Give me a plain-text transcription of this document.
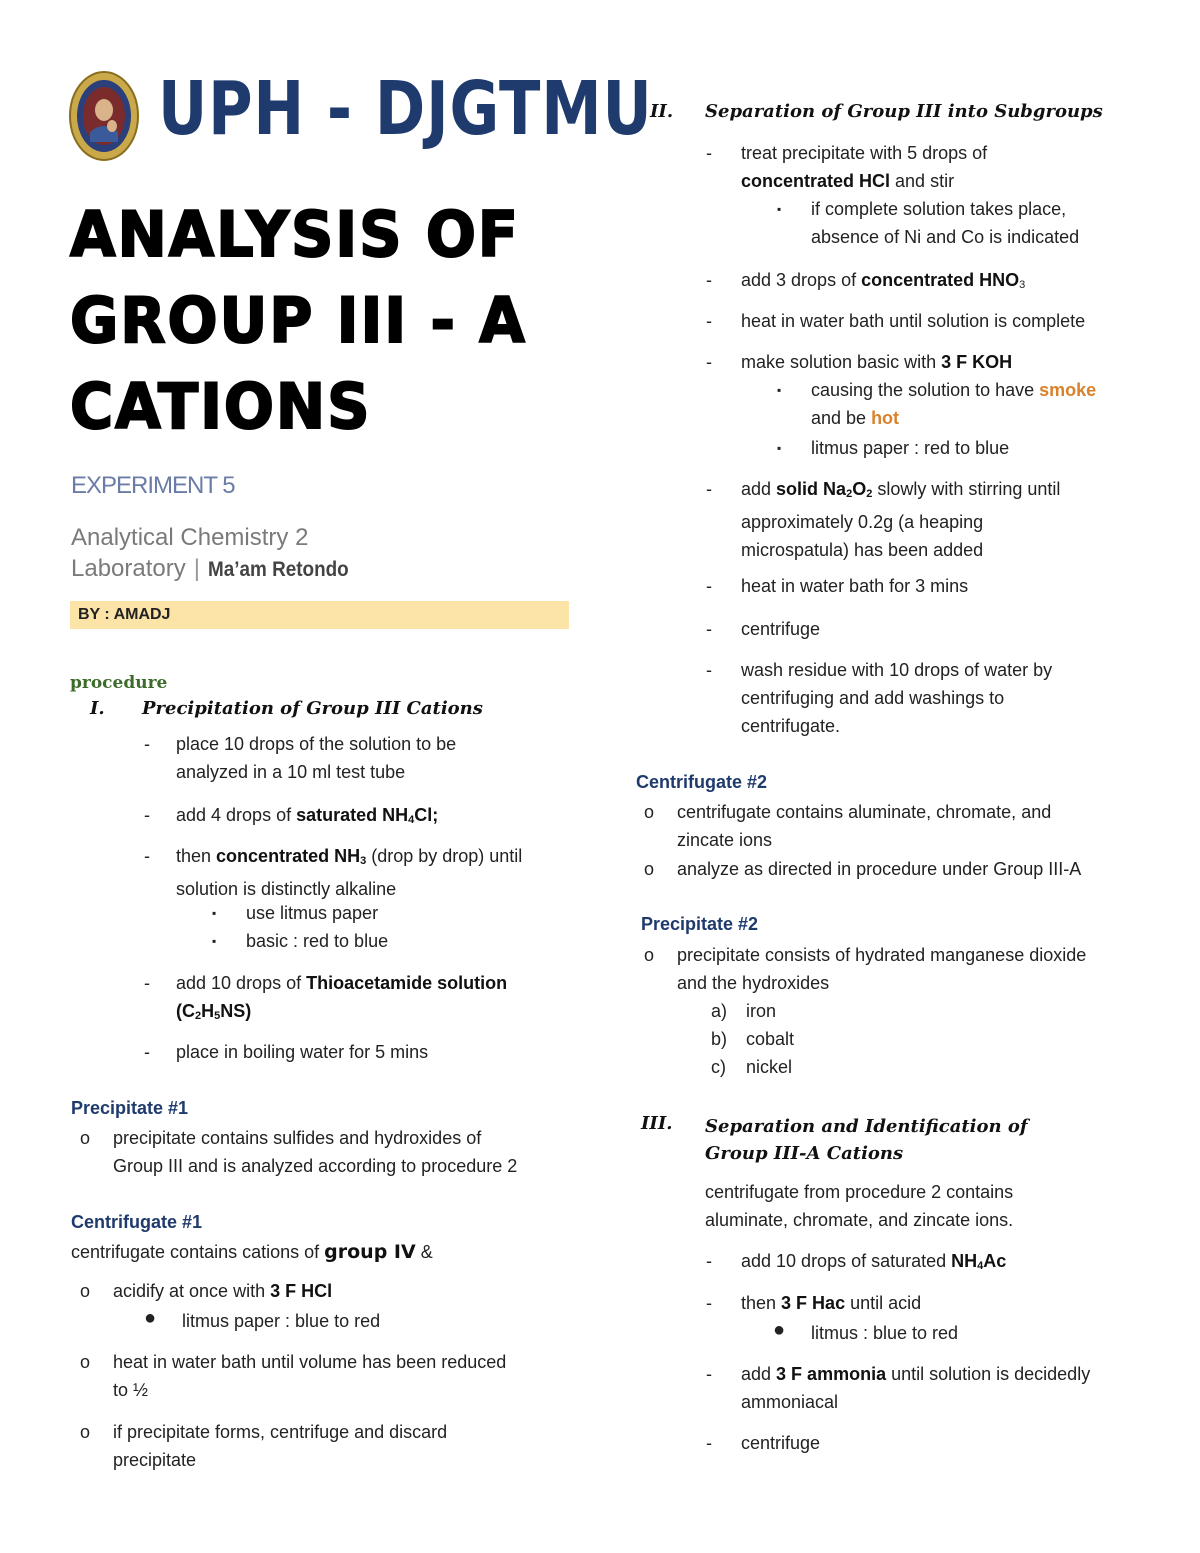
UPH - DJGTMU
ANALYSIS OF
GROUP III - A
CATIONS
EXPERIMENT 5
Analytical Chemistry 2
Laboratory | Ma’am Retondo
BY : AMADJ
procedure
I. Precipitation of Group III Cations
- place 10 drops of the solution to be
analyzed in a 10 ml test tube
- add 4 drops of saturated $NH_4Cl$;
- then concentrated $NH_3$ (drop by drop) until
solution is distinctly alkaline
▪ use litmus paper
▪ basic : red to blue
- add 10 drops of Thioacetamide solution
$(C_2H_5NS)$
- place in boiling water for 5 mins
Precipitate #1
o precipitate contains sulfides and hydroxides of
Group III and is analyzed according to procedure 2
Centrifugate #1
centrifugate contains cations of group IV &
o acidify at once with 3 F HCl
● litmus paper : blue to red
o heat in water bath until volume has been reduced
to ½
o if precipitate forms, centrifuge and discard
precipitate
II. Separation of Group III into Subgroups
- treat precipitate with 5 drops of
concentrated HCl and stir
▪ if complete solution takes place,
absence of Ni and Co is indicated
- add 3 drops of concentrated $HNO_3$
- heat in water bath until solution is complete
- make solution basic with 3 F KOH
▪ causing the solution to have smoke
and be hot
▪ litmus paper : red to blue
- add solid $Na_2O_2$ slowly with stirring until
approximately 0.2g (a heaping
microspatula) has been added
- heat in water bath for 3 mins
- centrifuge
- wash residue with 10 drops of water by
centrifuging and add washings to
centrifugate.
Centrifugate #2
o centrifugate contains aluminate, chromate, and
zincate ions
o analyze as directed in procedure under Group III-A
Precipitate #2
o precipitate consists of hydrated manganese dioxide
and the hydroxides
a) iron
b) cobalt
c) nickel
III. Separation and Identification of
Group III-A Cations
centrifugate from procedure 2 contains
aluminate, chromate, and zincate ions.
- add 10 drops of saturated $NH_4Ac$
- then 3 F Hac until acid
● litmus : blue to red
- add 3 F ammonia until solution is decidedly
ammoniacal
- centrifuge
